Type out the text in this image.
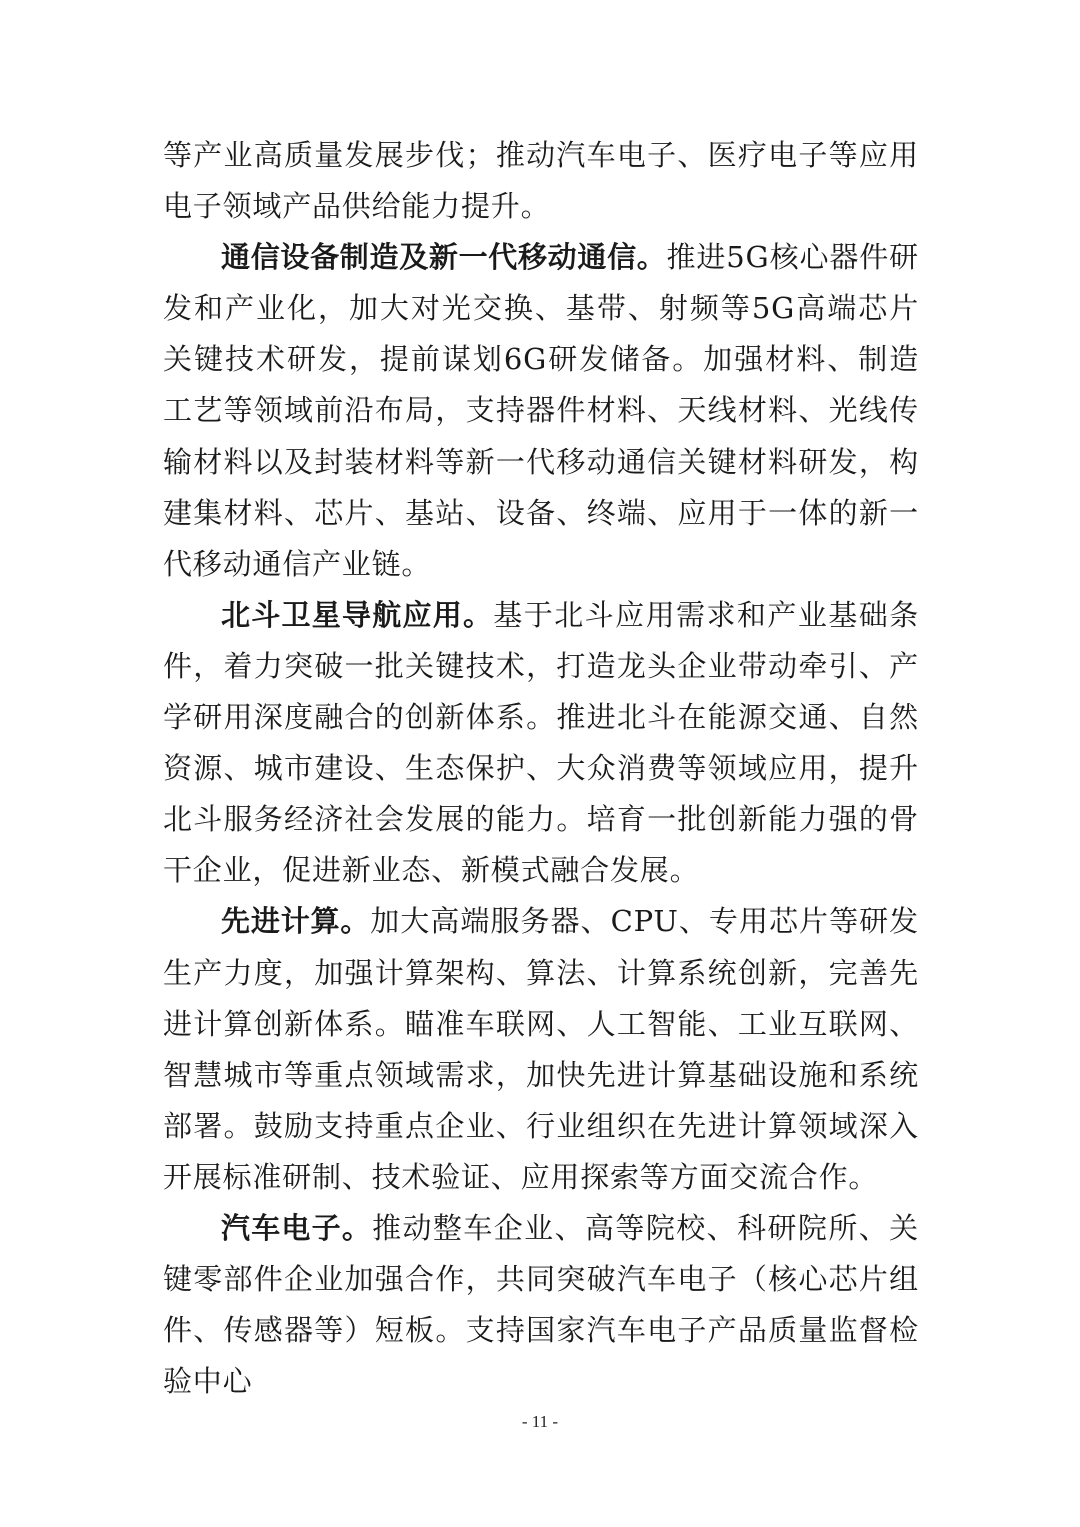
等产业高质量发展步伐；推动汽车电子、医疗电子等应用电子领域产品供给能力提升。

通信设备制造及新一代移动通信。推进5G核心器件研发和产业化，加大对光交换、基带、射频等5G高端芯片关键技术研发，提前谋划6G研发储备。加强材料、制造工艺等领域前沿布局，支持器件材料、天线材料、光线传输材料以及封装材料等新一代移动通信关键材料研发，构建集材料、芯片、基站、设备、终端、应用于一体的新一代移动通信产业链。

北斗卫星导航应用。基于北斗应用需求和产业基础条件，着力突破一批关键技术，打造龙头企业带动牵引、产学研用深度融合的创新体系。推进北斗在能源交通、自然资源、城市建设、生态保护、大众消费等领域应用，提升北斗服务经济社会发展的能力。培育一批创新能力强的骨干企业，促进新业态、新模式融合发展。

先进计算。加大高端服务器、CPU、专用芯片等研发生产力度，加强计算架构、算法、计算系统创新，完善先进计算创新体系。瞄准车联网、人工智能、工业互联网、智慧城市等重点领域需求，加快先进计算基础设施和系统部署。鼓励支持重点企业、行业组织在先进计算领域深入开展标准研制、技术验证、应用探索等方面交流合作。

汽车电子。推动整车企业、高等院校、科研院所、关键零部件企业加强合作，共同突破汽车电子（核心芯片组件、传感器等）短板。支持国家汽车电子产品质量监督检验中心

- 11 -
